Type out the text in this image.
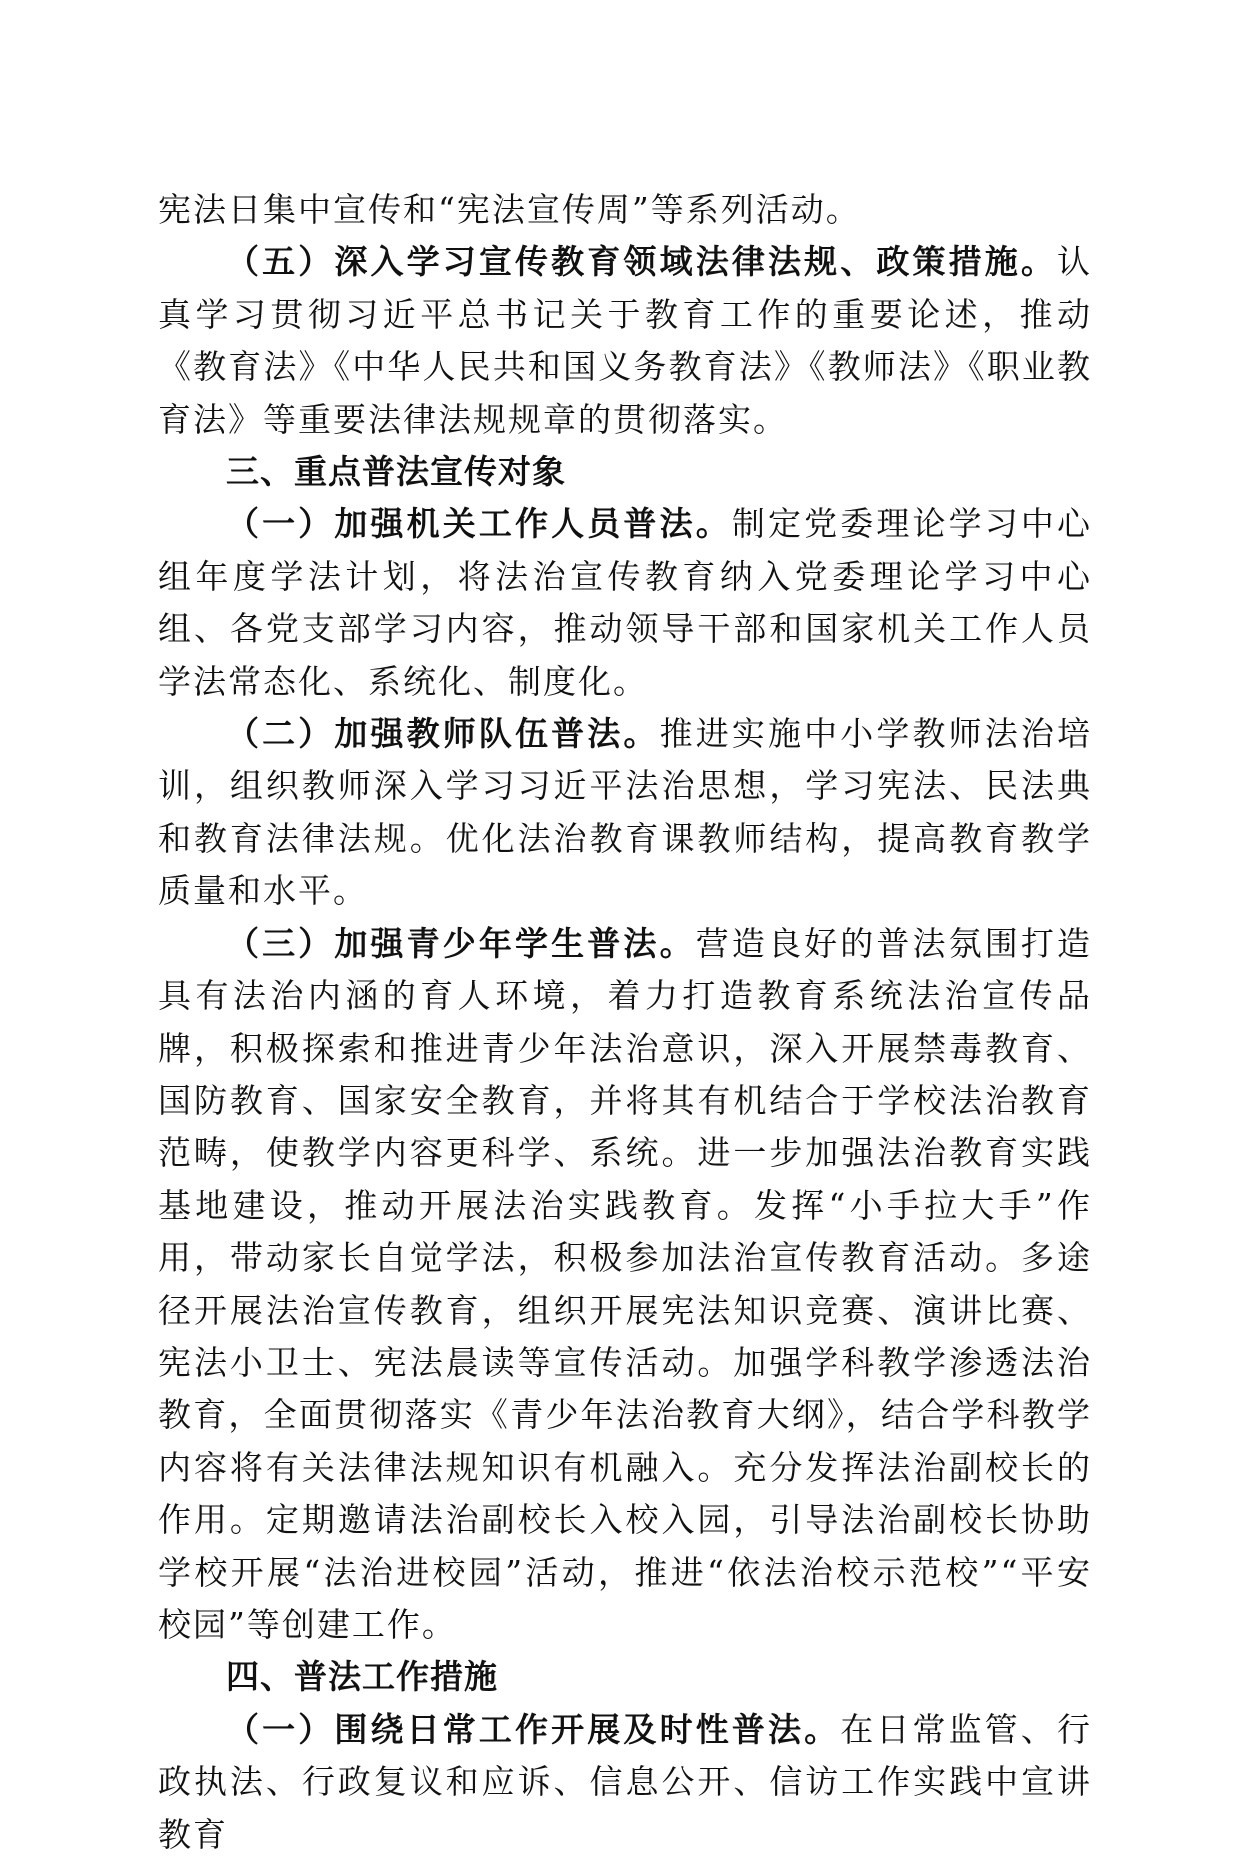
宪法日集中宣传和“宪法宣传周”等系列活动。

（五）深入学习宣传教育领域法律法规、政策措施。认真学习贯彻习近平总书记关于教育工作的重要论述，推动《教育法》《中华人民共和国义务教育法》《教师法》《职业教育法》等重要法律法规规章的贯彻落实。

三、重点普法宣传对象

（一）加强机关工作人员普法。制定党委理论学习中心组年度学法计划，将法治宣传教育纳入党委理论学习中心组、各党支部学习内容，推动领导干部和国家机关工作人员学法常态化、系统化、制度化。

（二）加强教师队伍普法。推进实施中小学教师法治培训，组织教师深入学习习近平法治思想，学习宪法、民法典和教育法律法规。优化法治教育课教师结构，提高教育教学质量和水平。

（三）加强青少年学生普法。营造良好的普法氛围打造具有法治内涵的育人环境，着力打造教育系统法治宣传品牌，积极探索和推进青少年法治意识，深入开展禁毒教育、国防教育、国家安全教育，并将其有机结合于学校法治教育范畴，使教学内容更科学、系统。进一步加强法治教育实践基地建设，推动开展法治实践教育。发挥“小手拉大手”作用，带动家长自觉学法，积极参加法治宣传教育活动。多途径开展法治宣传教育，组织开展宪法知识竞赛、演讲比赛、宪法小卫士、宪法晨读等宣传活动。加强学科教学渗透法治教育，全面贯彻落实《青少年法治教育大纲》，结合学科教学内容将有关法律法规知识有机融入。充分发挥法治副校长的作用。定期邀请法治副校长入校入园，引导法治副校长协助学校开展“法治进校园”活动，推进“依法治校示范校”“平安校园”等创建工作。

四、普法工作措施

（一）围绕日常工作开展及时性普法。在日常监管、行政执法、行政复议和应诉、信息公开、信访工作实践中宣讲教育
